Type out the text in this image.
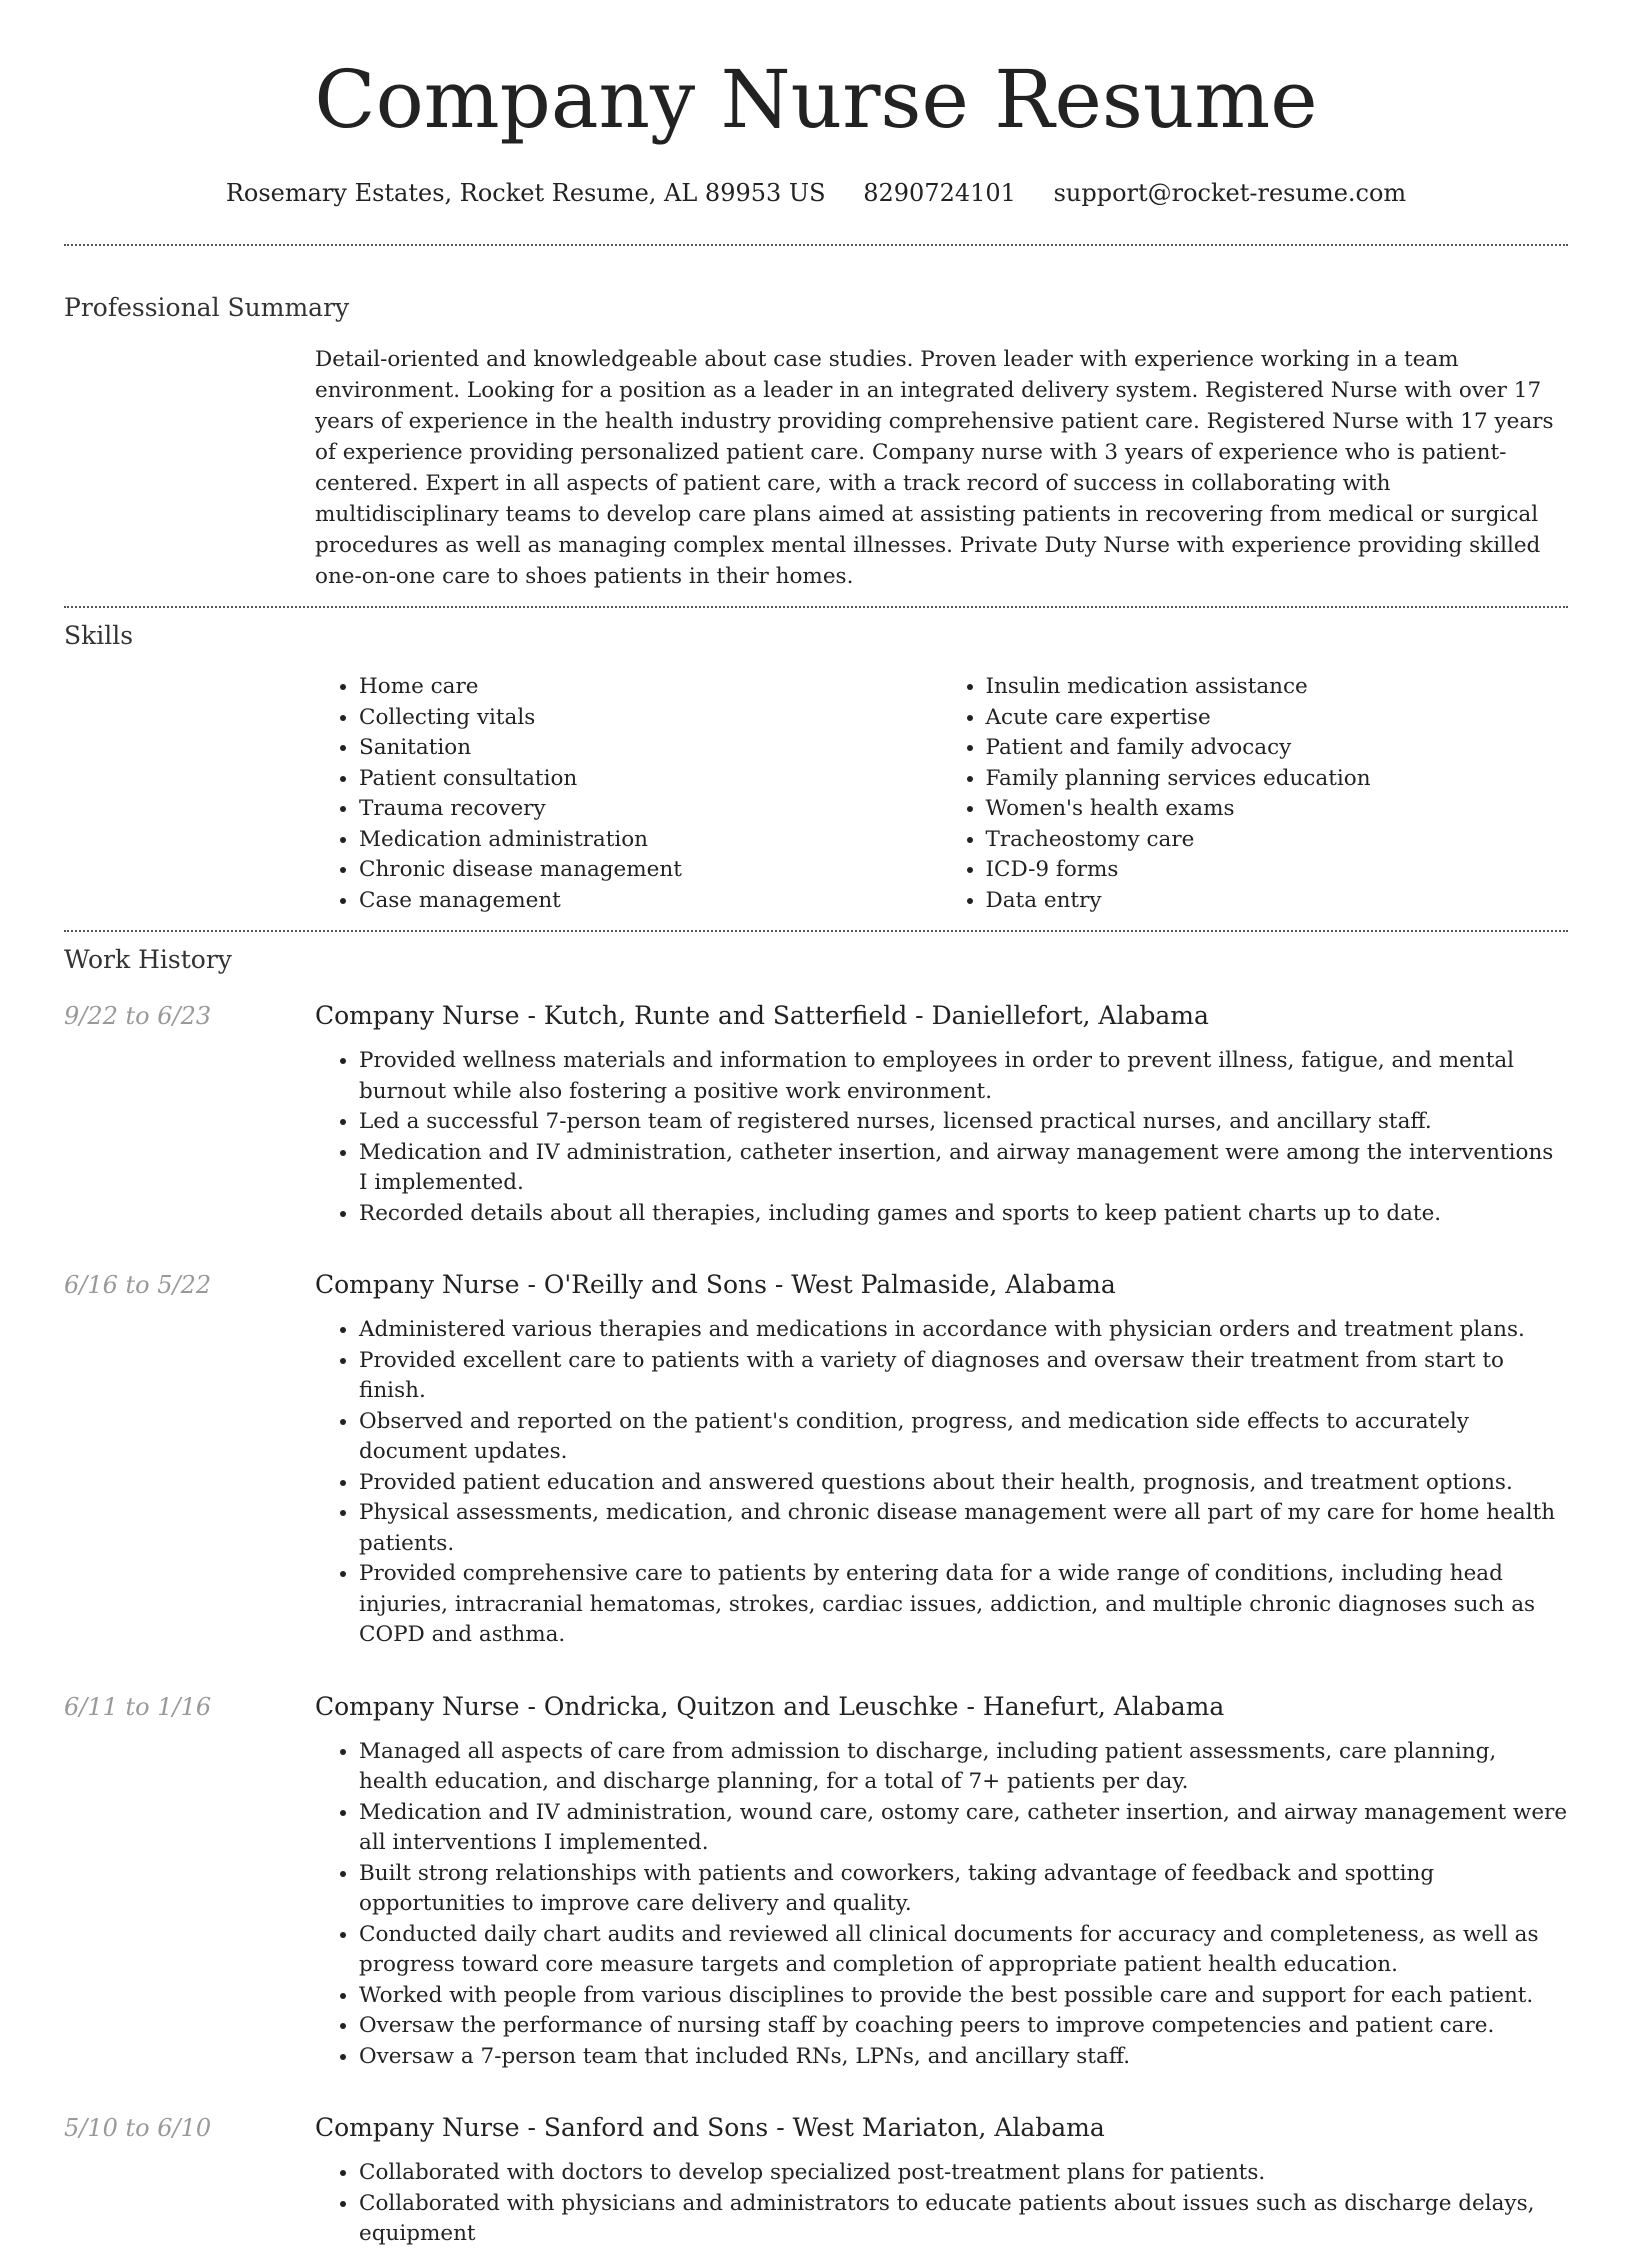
Company Nurse Resume
Rosemary Estates, Rocket Resume, AL 89953 US 8290724101 support@rocket-resume.com
Professional Summary

Detail-oriented and knowledgeable about case studies. Proven leader with experience working in a team environment. Looking for a position as a leader in an integrated delivery system. Registered Nurse with over 17 years of experience in the health industry providing comprehensive patient care. Registered Nurse with 17 years of experience providing personalized patient care. Company nurse with 3 years of experience who is patient-centered. Expert in all aspects of patient care, with a track record of success in collaborating with multidisciplinary teams to develop care plans aimed at assisting patients in recovering from medical or surgical procedures as well as managing complex mental illnesses. Private Duty Nurse with experience providing skilled one-on-one care to shoes patients in their homes.

Skills
• Home care
• Collecting vitals
• Sanitation
• Patient consultation
• Trauma recovery
• Medication administration
• Chronic disease management
• Case management
• Insulin medication assistance
• Acute care expertise
• Patient and family advocacy
• Family planning services education
• Women's health exams
• Tracheostomy care
• ICD-9 forms
• Data entry
Work History
9/22 to 6/23	Company Nurse - Kutch, Runte and Satterfield - Daniellefort, Alabama
• Provided wellness materials and information to employees in order to prevent illness, fatigue, and mental burnout while also fostering a positive work environment.
• Led a successful 7-person team of registered nurses, licensed practical nurses, and ancillary staff.
• Medication and IV administration, catheter insertion, and airway management were among the interventions I implemented.
• Recorded details about all therapies, including games and sports to keep patient charts up to date.
6/16 to 5/22	Company Nurse - O'Reilly and Sons - West Palmaside, Alabama
• Administered various therapies and medications in accordance with physician orders and treatment plans.
• Provided excellent care to patients with a variety of diagnoses and oversaw their treatment from start to finish.
• Observed and reported on the patient's condition, progress, and medication side effects to accurately document updates.
• Provided patient education and answered questions about their health, prognosis, and treatment options.
• Physical assessments, medication, and chronic disease management were all part of my care for home health patients.
• Provided comprehensive care to patients by entering data for a wide range of conditions, including head injuries, intracranial hematomas, strokes, cardiac issues, addiction, and multiple chronic diagnoses such as COPD and asthma.
6/11 to 1/16	Company Nurse - Ondricka, Quitzon and Leuschke - Hanefurt, Alabama
• Managed all aspects of care from admission to discharge, including patient assessments, care planning, health education, and discharge planning, for a total of 7+ patients per day.
• Medication and IV administration, wound care, ostomy care, catheter insertion, and airway management were all interventions I implemented.
• Built strong relationships with patients and coworkers, taking advantage of feedback and spotting opportunities to improve care delivery and quality.
• Conducted daily chart audits and reviewed all clinical documents for accuracy and completeness, as well as progress toward core measure targets and completion of appropriate patient health education.
• Worked with people from various disciplines to provide the best possible care and support for each patient.
• Oversaw the performance of nursing staff by coaching peers to improve competencies and patient care.
• Oversaw a 7-person team that included RNs, LPNs, and ancillary staff.
5/10 to 6/10	Company Nurse - Sanford and Sons - West Mariaton, Alabama
• Collaborated with doctors to develop specialized post-treatment plans for patients.
• Collaborated with physicians and administrators to educate patients about issues such as discharge delays, equipment
